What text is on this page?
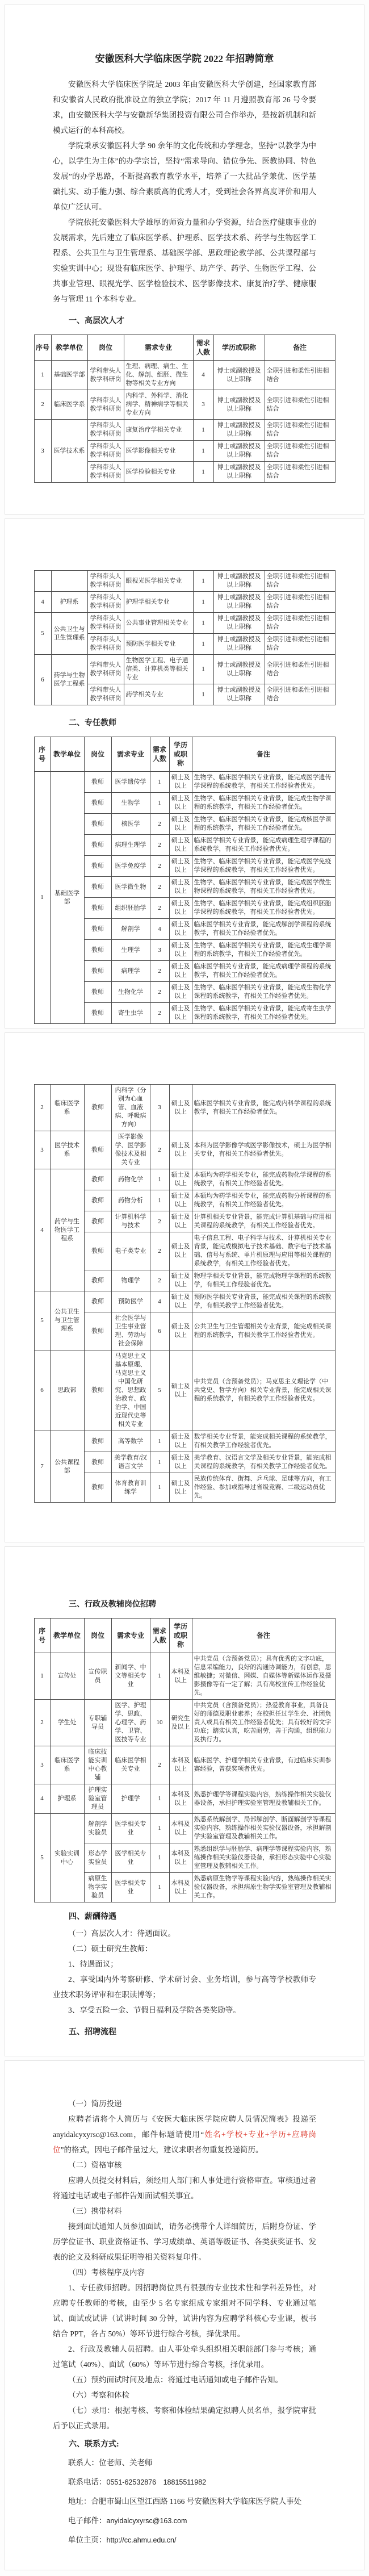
安徽医科大学临床医学院 2022 年招聘简章

安徽医科大学临床医学院是 2003 年由安徽医科大学创建，经国家教育部和安徽省人民政府批准设立的独立学院；2017 年 11 月遵照教育部 26 号令要求，由安徽医科大学与安徽新华集团投资有限公司合作举办，是按新机制和新模式运行的本科高校。

学院秉承安徽医科大学 90 余年的文化传统和办学理念，坚持“以教学为中心，以学生为主体”的办学宗旨，坚持“需求导向、错位争先、医教协同、特色发展”的办学思路，不断提高教育教学水平，培养了一大批品学兼优、医学基础扎实、动手能力强、综合素质高的优秀人才，受到社会各界高度评价和用人单位广泛认可。

学院依托安徽医科大学雄厚的师资力量和办学资源，结合医疗健康事业的发展需求，先后建立了临床医学系、护理系、医学技术系、药学与生物医学工程系、公共卫生与卫生管理系、基础医学部、思政理论教学部、公共课程部与实验实训中心；现设有临床医学、护理学、助产学、药学、生物医学工程、公共事业管理、眼视光学、医学检验技术、医学影像技术、康复治疗学、健康服务与管理 11 个本科专业。

一、高层次人才
序号	教学单位	岗位	需求专业	需求人数	学历或职称	备注
1	基础医学部	学科带头人教学科研岗	生理、病理、病生、生化、解剖、组胚、微生物等相关专业方向	4	博士或副教授及以上职称	全职引进和柔性引进相结合
2	临床医学系	学科带头人教学科研岗	内科学、外科学、消化病学、精神病学等相关专业方向	3	博士或副教授及以上职称	全职引进和柔性引进相结合
3	医学技术系	学科带头人教学科研岗	康复治疗学相关专业	1	博士或副教授及以上职称	全职引进和柔性引进相结合
		学科带头人教学科研岗	医学影像相关专业	1	博士或副教授及以上职称	全职引进和柔性引进相结合
		学科带头人教学科研岗	医学检验相关专业	1	博士或副教授及以上职称	全职引进和柔性引进相结合
		学科带头人教学科研岗	眼视光医学相关专业	1	博士或副教授及以上职称	全职引进和柔性引进相结合
4	护理系	学科带头人教学科研岗	护理学相关专业	1	博士或副教授及以上职称	全职引进和柔性引进相结合
5	公共卫生与卫生管理系	学科带头人教学科研岗	公共事业管理相关专业	1	博士或副教授及以上职称	全职引进和柔性引进相结合
		学科带头人教学科研岗	预防医学相关专业	1	博士或副教授及以上职称	全职引进和柔性引进相结合
6	药学与生物医学工程系	学科带头人教学科研岗	生物医学工程、电子通信类、计算机类等相关专业	1	博士或副教授及以上职称	全职引进和柔性引进相结合
		学科带头人教学科研岗	药学相关专业	1	博士或副教授及以上职称	全职引进和柔性引进相结合
二、专任教师
序号	教学单位	岗位	需求专业	需求人数	学历或职称	备注
1	基础医学部	教师	医学遗传学	1	硕士及以上	生物学、临床医学相关专业背景，能完成医学遗传学课程的系统教学，有相关工作经验者优先。
		教师	生物学	1	硕士及以上	生物学、临床医学相关专业背景，能完成生物学课程的系统教学，有相关工作经验者优先。
		教师	核医学	2	硕士及以上	生物学、临床医学相关专业背景，能完成核医学课程的系统教学，有相关工作经验者优先。
		教师	病理生理学	2	硕士及以上	临床医学相关专业背景，能完成病理生理学课程的系统教学，有相关工作经验者优先。
		教师	医学免疫学	2	硕士及以上	生物学、临床医学相关专业背景，能完成医学免疫学课程的系统教学，有相关工作经验者优先。
		教师	医学微生物	2	硕士及以上	生物学、临床医学相关专业背景，能完成医学微生物课程的系统教学，有相关工作经验者优先。
		教师	组织胚胎学	2	硕士及以上	生物学、临床医学相关专业背景，能完成组织胚胎学课程的系统教学，有相关工作经验者优先。
		教师	解剖学	4	硕士及以上	临床医学相关专业背景，能完成解剖学课程的系统教学，有相关工作经验者优先。
		教师	生理学	3	硕士及以上	生物学、临床医学相关专业背景，能完成生理学课程的系统教学，有相关工作经验者优先。
		教师	病理学	2	硕士及以上	临床医学相关专业背景，能完成病理学课程的系统教学，有相关工作经验者优先。
		教师	生物化学	2	硕士及以上	生物学、临床医学相关专业背景，能完成生物化学课程的系统教学，有相关工作经验者优先。
		教师	寄生虫学	2	硕士及以上	生物学、临床医学相关专业背景，能完成寄生虫学课程的系统教学，有相关工作经验者优先。
2	临床医学系	教师	内科学（分别为心血管、血液病、呼吸病方向）	3	硕士及以上	临床医学相关专业背景，能完成内科学课程的系统教学，有相关工作经验者优先。
3	医学技术系	教师	医学影像学、医学影像技术及相关专业	2	硕士及以上	本科为医学影像学或医学影像技术，硕士为医学相关专业，有相关工作经验者优先。
4	药学与生物医学工程系	教师	药物化学	1	硕士及以上	本硕均为药学相关专业，能完成药物化学课程的系统教学，有相关工作经验者优先。
		教师	药物分析	1	硕士及以上	本硕均为药学相关专业，能完成药物分析课程的系统教学，有相关工作经验者优先。
		教师	计算机科学与技术	2	硕士及以上	计算机相关专业背景，能完成计算机基础与应用相关课程的系统教学，有相关工作经验者优先。
		教师	电子类专业	2	硕士及以上	电子信息工程、电子科学与技术、计算机相关专业背景，能完成模拟电子技术基础、数字电子技术基础、信号与系统、单片机原理与应用等相关课程的系统教学，有相关工作经验者优先。
		教师	物理学	2	硕士及以上	物理学相关专业背景，能完成物理学课程的系统教学，有相关工作经验者优先。
5	公共卫生与卫生管理系	教师	预防医学	4	硕士及以上	预防医学相关专业背景，能完成相关课程的系统教学，有相关教学工作经验者优先。
		教师	社会医学与卫生事业管理、劳动与社会保障	6	硕士及以上	公共卫生与卫生管理相关专业背景，能完成相关课程的系统教学，有相关教学工作经验者优先。
6	思政部	教师	马克思主义基本原理、马克思主义中国化研究、思想政治教育、政治学、中国近现代史等相关专业	5	硕士及以上	中共党员（含预备党员）；马克思主义理论学（中共党史、哲学方向）相关专业背景，能完成相关课程的系统教学，有相关教学工作经验者优先。
7	公共课程部	教师	高等数学	1	硕士及以上	数学相关专业背景，能完成相关课程的系统教学，有相关教学工作经验者优先。
		教师	美学教育/汉语言文学	1	硕士及以上	美学教育、汉语言文学及相关专业背景，能完成相关课程的系统教学，有相关教学工作经验者优先。
		教师	体育教育训练学	1	硕士及以上	民族传统体育、街舞、乒乓球、足球等方向，有工作经验、参加或指导过省级竞赛、二级运动员优先。
三、行政及教辅岗位招聘
序号	教学单位	岗位	需求专业	需求人数	学历或职称	备注
1	宣传处	宣传职员	新闻学、中文等相关专业	1	本科及以上	中共党员（含预备党员）；具有优秀的文字功底，信息采编能力，良好的沟通协调能力，有创意，思维敏捷；对微信、网媒、自媒体等新媒体运作及摄影摄像等有一定了解；具有高校宣传工作经验优先。
2	学生处	专职辅导员	医学、护理学、思政、心理学、药学、卫管、医技等专业	10	研究生及以上	中共党员（含预备党员）；热爱教育事业，具备良好的师德及职业素养；在校担任过学生会、社团负责人或具有相关工作经验者优先；具有较好的文字功底；踏实认真，吃苦耐劳，善于沟通，组织能力及执行力。
3	临床医学系	临床技能实训中心教辅	临床医学相关专业	2	本科及以上	临床医学、护理学相关专业背景，有过临床实训参赛经验，曾获奖项者优先。
4	护理系	护理实验室管理员	护理学	1	本科及以上	熟悉护理学等课程实验内容，熟练操作相关实验仪器设备，承担护理实验室管理及教辅相关工作。
5	实验实训中心	解剖学实验员	医学相关专业	1	本科及以上	熟悉系统解剖学、局部解剖学、断面解剖学等课程实验内容，熟练操作相关实验仪器设备，承担解剖学实验室管理及教辅相关工作。
		形态学实验员	医学相关专业	1	本科及以上	熟悉组织学与胚胎学、病理学等课程实验内容，熟练操作相关实验仪器设备，承担形态实验中心实验室管理及教辅相关工作。
		病原生物学实验员	医学相关专业	1	本科及以上	熟悉病原生物学等课程实验内容，熟练操作相关实验仪器设备，承担病原生物学实验室管理及教辅相关工作。
四、薪酬待遇

（一）高层次人才：待遇面议。

（二）硕士研究生教师：

1、待遇面议；

2、享受国内外考察研修、学术研讨会、业务培训，参与高等学校教师专业技术职务评审和在职读博等；

3、享受五险一金、节假日福利及学院各类奖励等。

五、招聘流程

（一）简历投递

应聘者请将个人简历与《安医大临床医学院应聘人员情况简表》投递至 anyidalcyxyrsc@163.com，邮件标题请使用“姓名+学校+专业+学历+应聘岗位”的格式，因电子邮件量过大，建议求职者勿重复投递简历。

（二）资格审核

应聘人员提交材料后，须经用人部门和人事处进行资格审查。审核通过者将通过电话或电子邮件告知面试相关事宜。

（三）携带材料

接到面试通知人员参加面试，请务必携带个人详细简历，后附身份证、学历学位证书、职业资格证书、学习成绩单、英语等级证书、各类获奖证书、发表的论文及科研成果证明等相关资料复印件。

（四）考核程序及内容

1、专任教师招聘。因招聘岗位具有很强的专业技术性和学科差异性，对应聘专任教师的考核，由至少 5 名专家组成专家组对不同学科、专业通过笔试、面试或试讲（试讲时间 30 分钟，试讲内容为应聘学科核心专业课，板书结合 PPT，各占 50%）等环节进行综合考核，择优录用。

2、行政及教辅人员招聘。由人事处牵头组织相关职能部门参与考核；通过笔试（40%）、面试（60%）等环节进行综合考核，择优录用。

（五）预约面试时间及地点：将通过电话通知或电子邮件告知。

（六）考察和体检

（七）录用：根据考核、考察和体检结果确定拟聘人员名单，报学院审批后予以正式录用。

六、联系方式:

联系人：位老师、关老师

联系电话：0551-62532876　18815511982

地址：合肥市蜀山区望江西路 1166 号安徽医科大学临床医学院人事处

电子邮件：anyidalcyxyrsc@163.com

单位主页：http://cc.ahmu.edu.cn/
